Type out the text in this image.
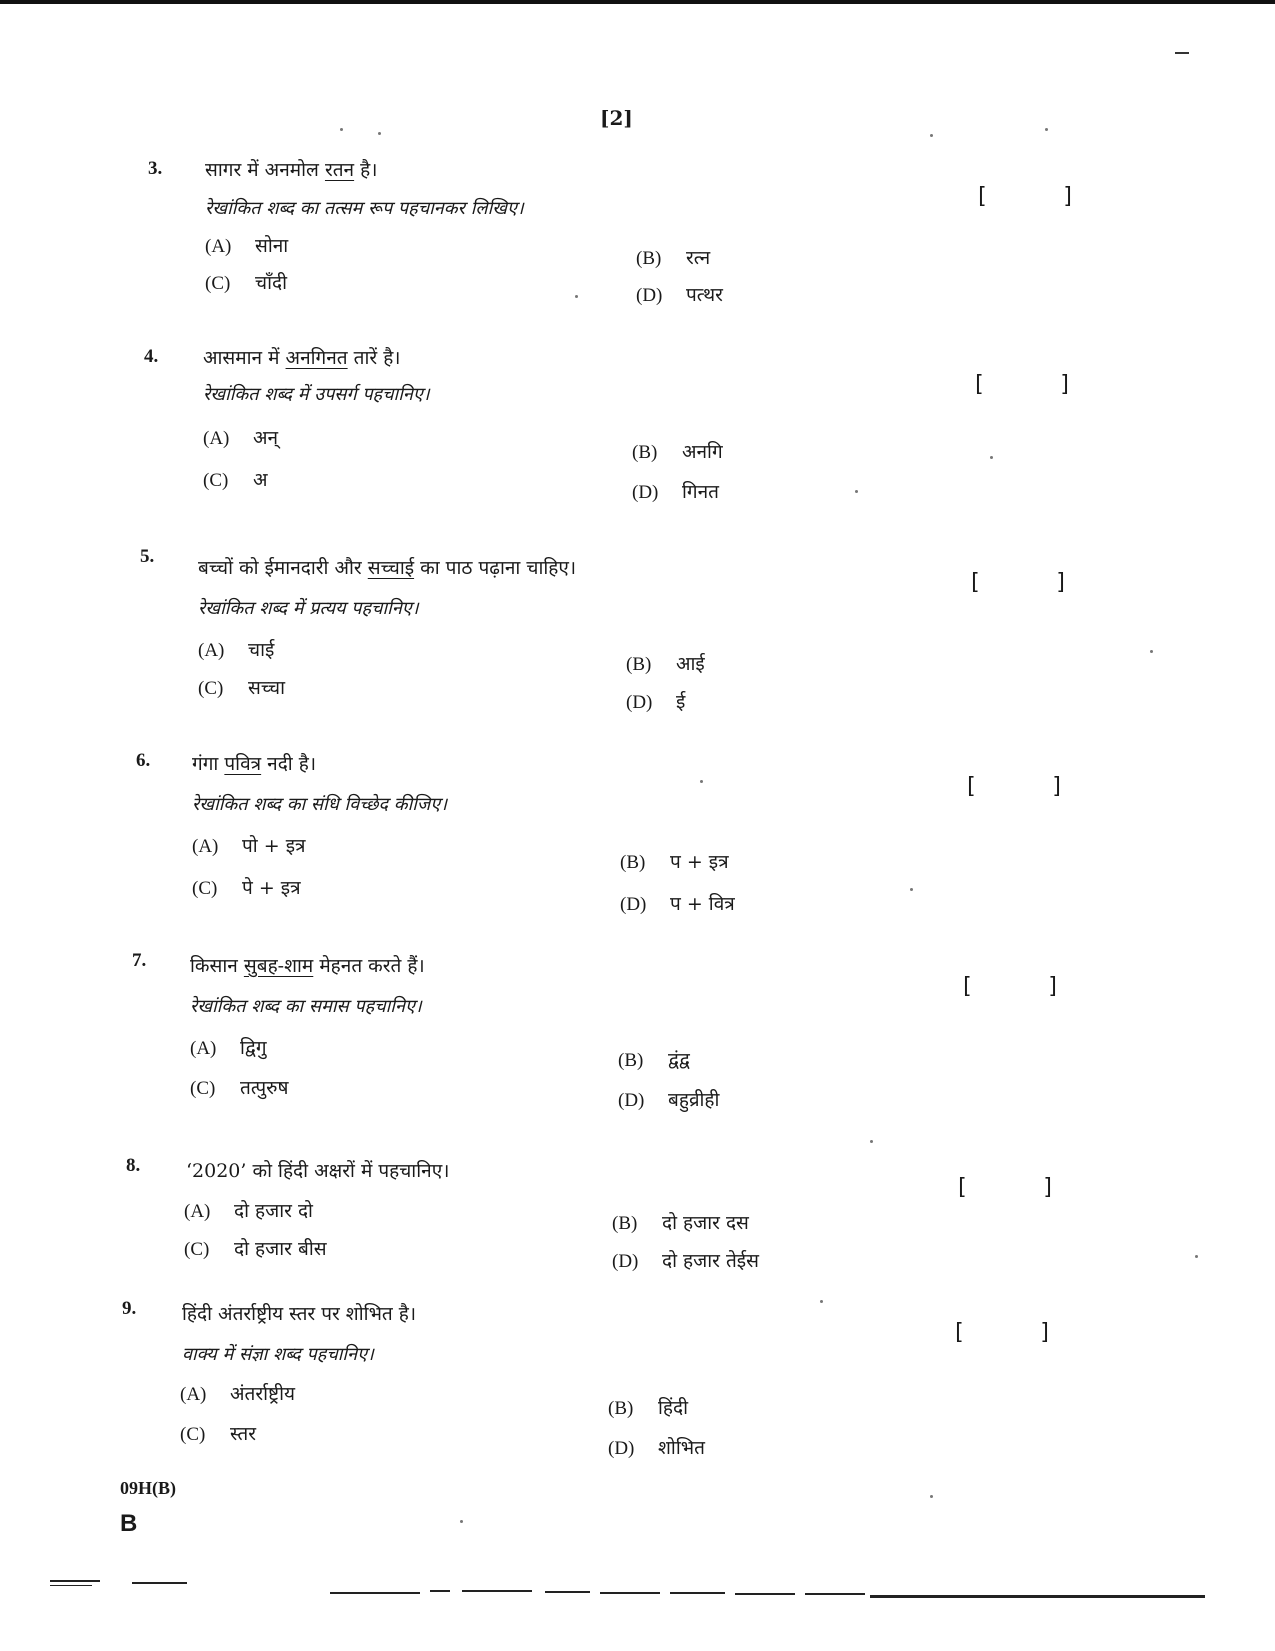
[2]
3. सागर में अनमोल रतन है।
रेखांकित शब्द का तत्सम रूप पहचानकर लिखिए।
(A) सोना
(B) रत्न
(C) चाँदी
(D) पत्थर
[	]
4. आसमान में अनगिनत तारें है।
रेखांकित शब्द में उपसर्ग पहचानिए।
(A) अन्
(B) अनगि
(C) अ
(D) गिनत
[	]
5.
बच्चों को ईमानदारी और सच्चाई का पाठ पढ़ाना चाहिए।
रेखांकित शब्द में प्रत्यय पहचानिए।
(A) चाई
(B) आई
(C) सच्चा
(D) ई
[	]
6. गंगा पवित्र नदी है।
रेखांकित शब्द का संधि विच्छेद कीजिए।
(A) पो + इत्र
(B) प + इत्र
(C) पे + इत्र
(D) प + वित्र
[	]
7. किसान सुबह-शाम मेहनत करते हैं।
रेखांकित शब्द का समास पहचानिए।
(A) द्विगु
(B) द्वंद्व
(C) तत्पुरुष
(D) बहुव्रीही
[	]
8. ‘2020’ को हिंदी अक्षरों में पहचानिए।
(A) दो हजार दो
(B) दो हजार दस
(C) दो हजार बीस
(D) दो हजार तेईस
[	]
9. हिंदी अंतर्राष्ट्रीय स्तर पर शोभित है।
वाक्य में संज्ञा शब्द पहचानिए।
(A) अंतर्राष्ट्रीय
(B) हिंदी
(C) स्तर
(D) शोभित
[	]
09H(B)
B
